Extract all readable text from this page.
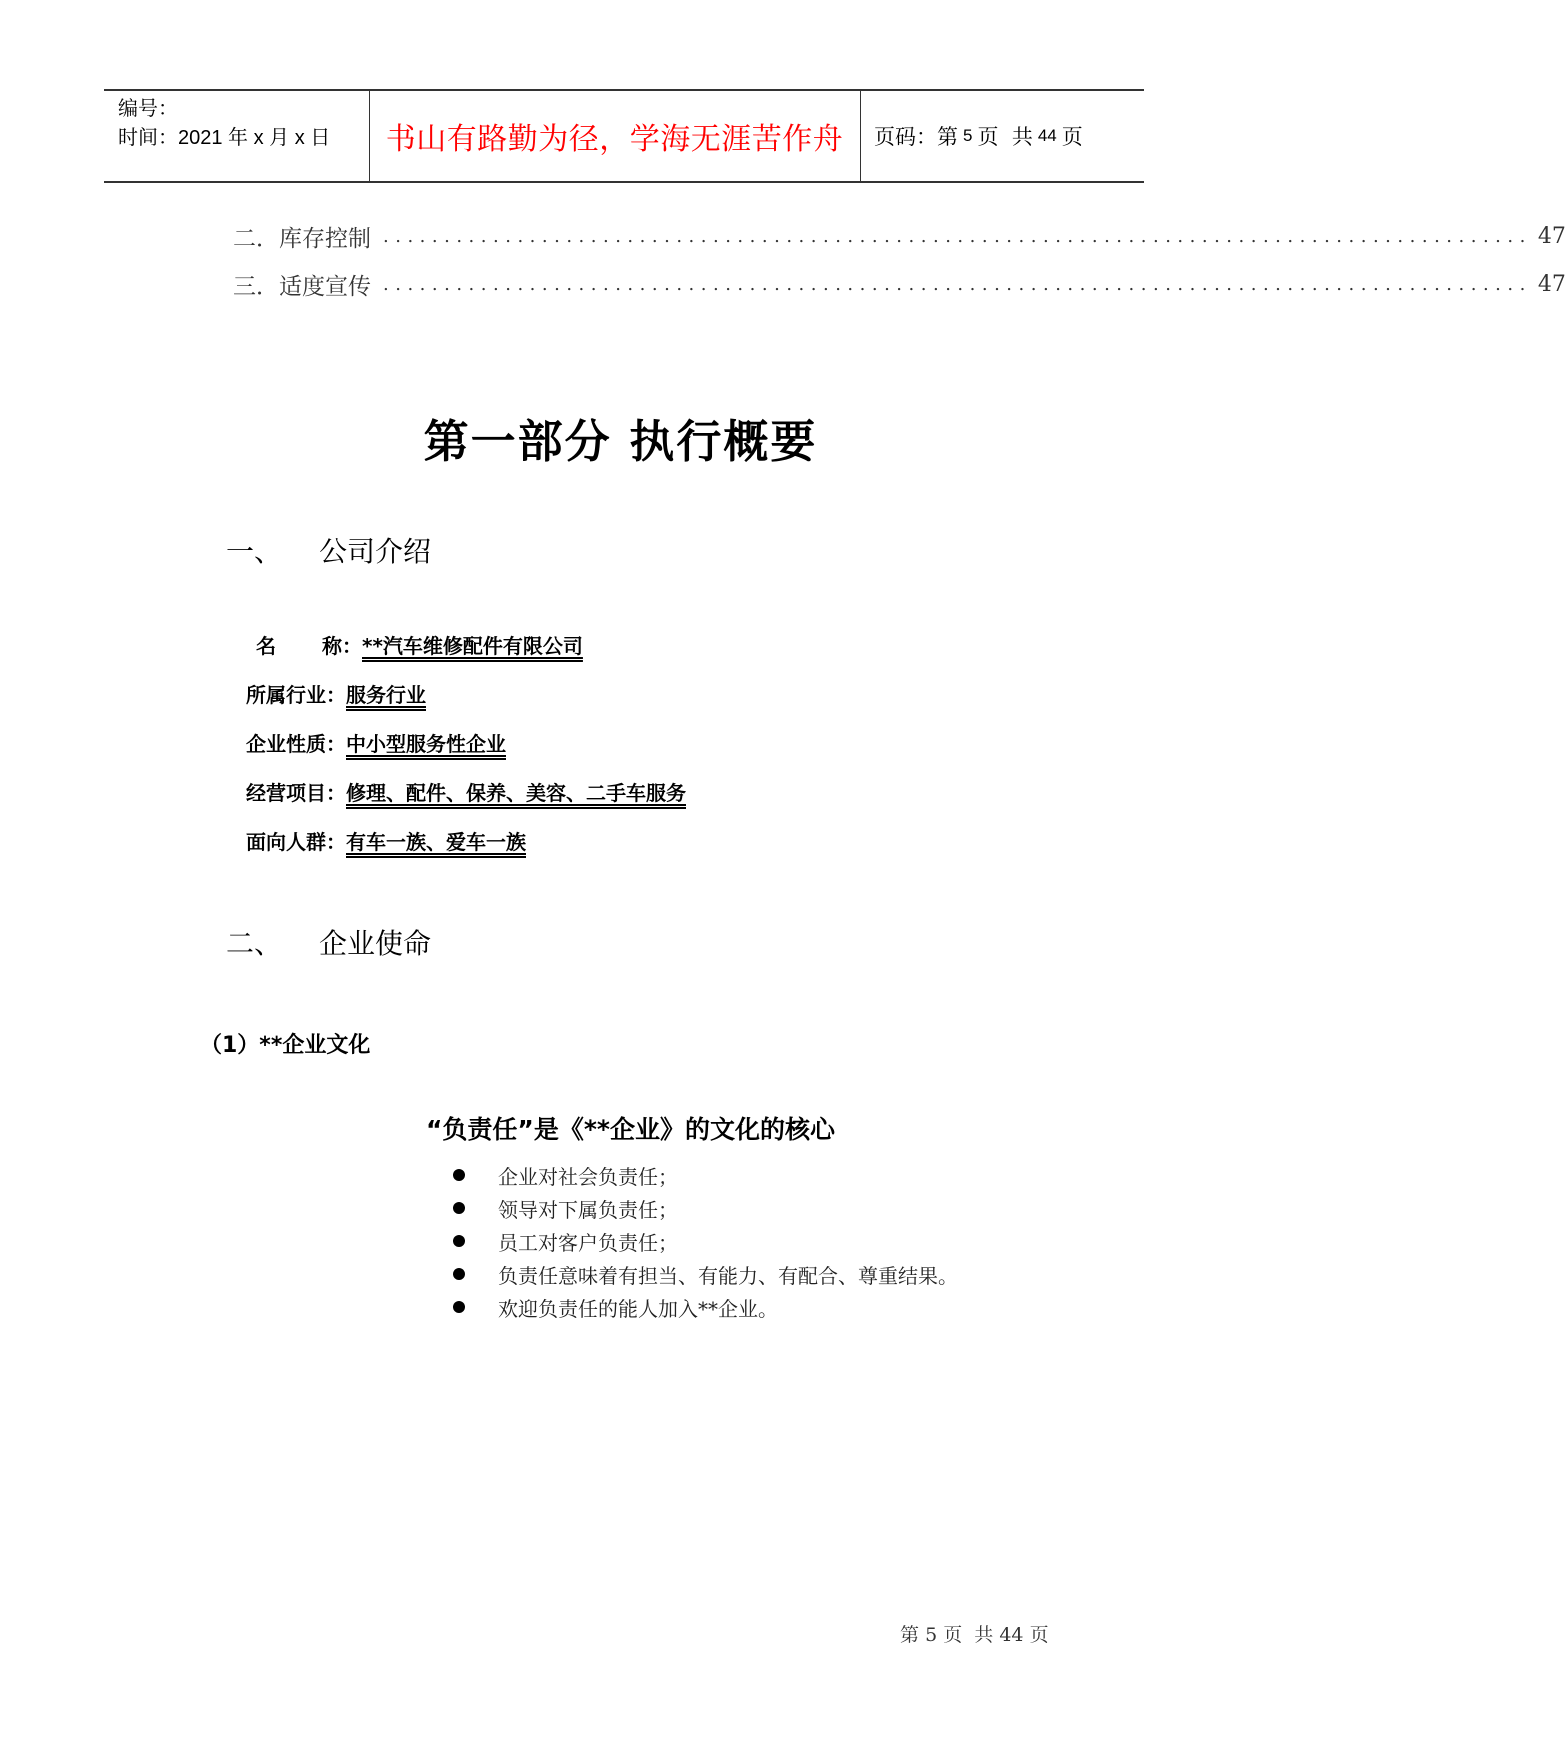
编号：
时间：2021 年 x 月 x 日	书山有路勤为径，学海无涯苦作舟	页码：第 5 页  共 44 页
二．库存控制 .............................................................................................. 47
三．适度宣传 .............................................................................................. 47
第一部分 执行概要
一、	公司介绍
名 称 ： **汽车维修配件有限公司
所属行业 ： 服务行业
企业性质 ： 中小型服务性企业
经营项目 ： 修理、配件、保养、美容、二手车服务
面向人群 ： 有车一族、爱车一族
二、	企业使命
（1）**企业文化
“负责任”是《**企业》的文化的核心
企业对社会负责任；
领导对下属负责任；
员工对客户负责任；
负责任意味着有担当、有能力、有配合、尊重结果。
欢迎负责任的能人加入**企业。
第 5 页  共 44 页
